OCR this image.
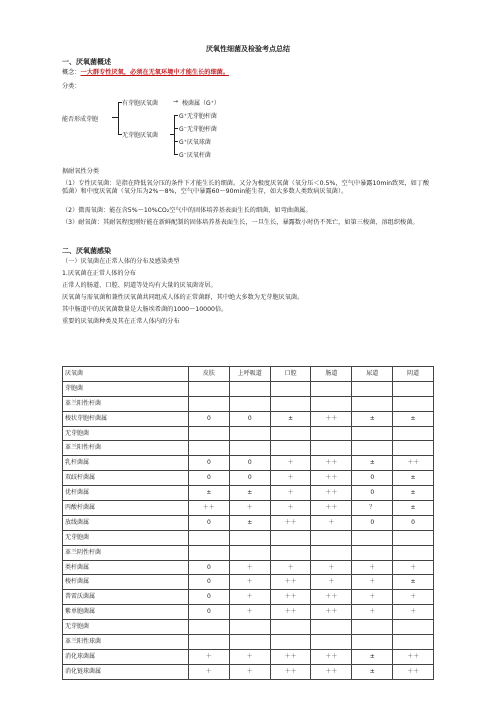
厌氧性细菌及检验考点总结
一、厌氧菌概述
概念：一大群专性厌氧，必须在无氧环境中才能生长的细菌。
分类：
能否形成芽胞
有芽胞厌氧菌 → 梭菌属（G⁺）
无芽胞厌氧菌
G⁺无芽胞杆菌
G⁻无芽胞杆菌
G⁺厌氧球菌
G⁻厌氧杆菌
据耐氧性分类
（1）专性厌氧菌：是指在降低氧分压的条件下才能生长的细菌。又分为极度厌氧菌（氧分压＜0.5%，空气中暴露10min致死，如丁酸弧菌）和中度厌氧菌（氧分压为2%～8%，空气中暴露60～90min能生存，如大多数人类致病厌氧菌）。
（2）微需氧菌：能在含5%～10%CO₂空气中的固体培养基表面生长的细菌，如弯曲菌属。
（3）耐氧菌：其耐氧程度刚好能在新鲜配制的固体培养基表面生长，一旦生长，暴露数小时仍不死亡，如第三梭菌、溶组织梭菌。
二、厌氧菌感染
（一）厌氧菌在正常人体的分布及感染类型
1.厌氧菌在正常人体的分布
正常人的肠道、口腔、阴道等处均有大量的厌氧菌寄居。
厌氧菌与需氧菌和兼性厌氧菌共同组成人体的正常菌群，其中绝大多数为无芽胞厌氧菌。
其中肠道中的厌氧菌数量是大肠埃希菌的1000～10000倍。
重要的厌氧菌种类及其在正常人体内的分布
厌氧菌	皮肤	上呼吸道	口腔	肠道	尿道	阴道
芽胞菌						
革兰阳性杆菌						
梭状芽胞杆菌属	0	0	±	＋＋	±	±
无芽胞菌						
革兰阳性杆菌						
乳杆菌属	0	0	＋	＋＋	±	＋＋
双歧杆菌属	0	0	＋	＋＋	0	±
优杆菌属	±	±	＋	＋＋	0	±
丙酸杆菌属	＋＋	＋	＋	＋＋	？	±
放线菌属	0	±	＋＋	＋	0	0
无芽胞菌						
革兰阴性杆菌						
类杆菌属	0	＋	＋	＋	＋	＋
梭杆菌属	0	＋	＋＋	＋	＋	±
普雷沃菌属	0	＋	＋＋	＋＋	＋	＋
紫单胞菌属	0	＋	＋＋	＋＋	＋	＋
无芽胞菌						
革兰阳性球菌						
消化球菌属	＋	＋	＋＋	＋＋	±	＋＋
消化链球菌属	＋	＋	＋＋	＋＋	±	＋＋
